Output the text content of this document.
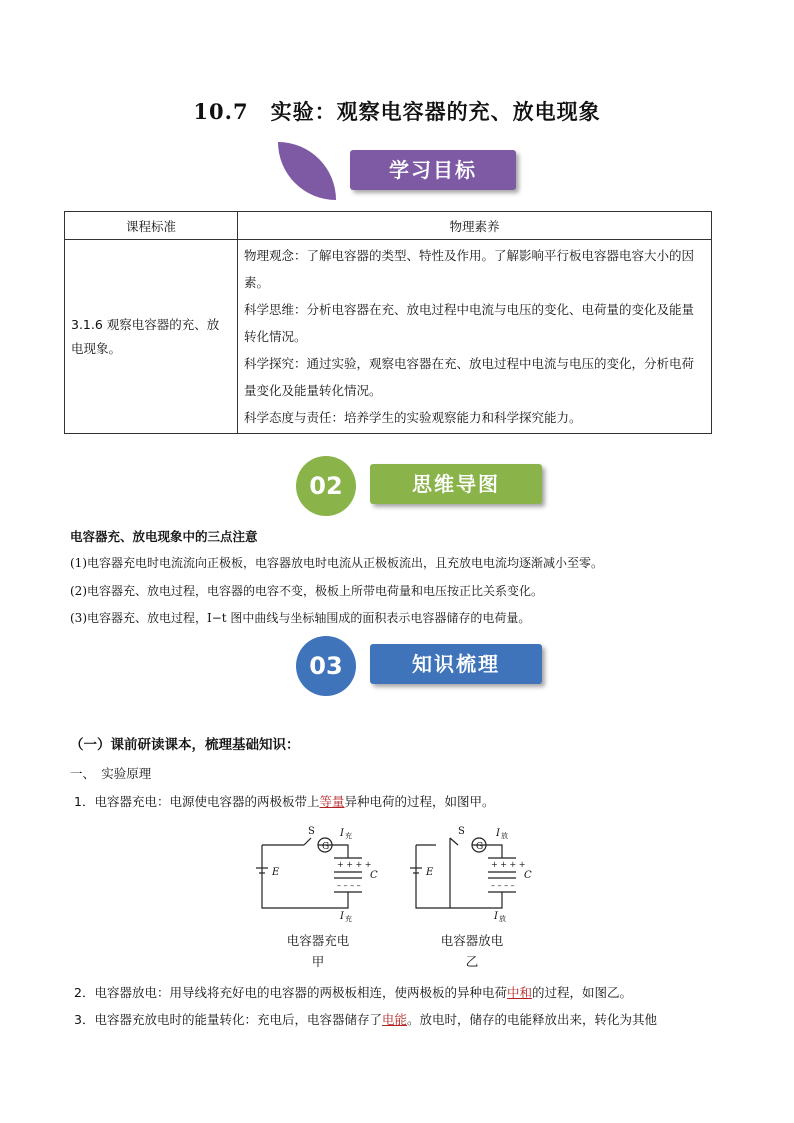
10.7　实验：观察电容器的充、放电现象
学习目标
课程标准	物理素养
3.1.6 观察电容器的充、放电现象。	物理观念：了解电容器的类型、特性及作用。了解影响平行板电容器电容大小的因素。
科学思维：分析电容器在充、放电过程中电流与电压的变化、电荷量的变化及能量转化情况。
科学探究：通过实验，观察电容器在充、放电过程中电流与电压的变化，分析电荷量变化及能量转化情况。
科学态度与责任：培养学生的实验观察能力和科学探究能力。
02	思维导图
电容器充、放电现象中的三点注意
(1)电容器充电时电流流向正极板，电容器放电时电流从正极板流出，且充放电电流均逐渐减小至零。
(2)电容器充、放电过程，电容器的电容不变，极板上所带电荷量和电压按正比关系变化。
(3)电容器充、放电过程，I−t 图中曲线与坐标轴围成的面积表示电容器储存的电荷量。
03	知识梳理
（一）课前研读课本，梳理基础知识：
一、　实验原理
1．电容器充电：电源使电容器的两极板带上等量异种电荷的过程，如图甲。
S
G
E	C
I 充
I 充
+ + + +
– – – –
S
G
E	C
I 放
I 放
+ + + +
– – – –
电容器充电
甲
电容器放电
乙
2．电容器放电：用导线将充好电的电容器的两极板相连，使两极板的异种电荷中和的过程，如图乙。
3．电容器充放电时的能量转化：充电后，电容器储存了电能。放电时，储存的电能释放出来，转化为其他
